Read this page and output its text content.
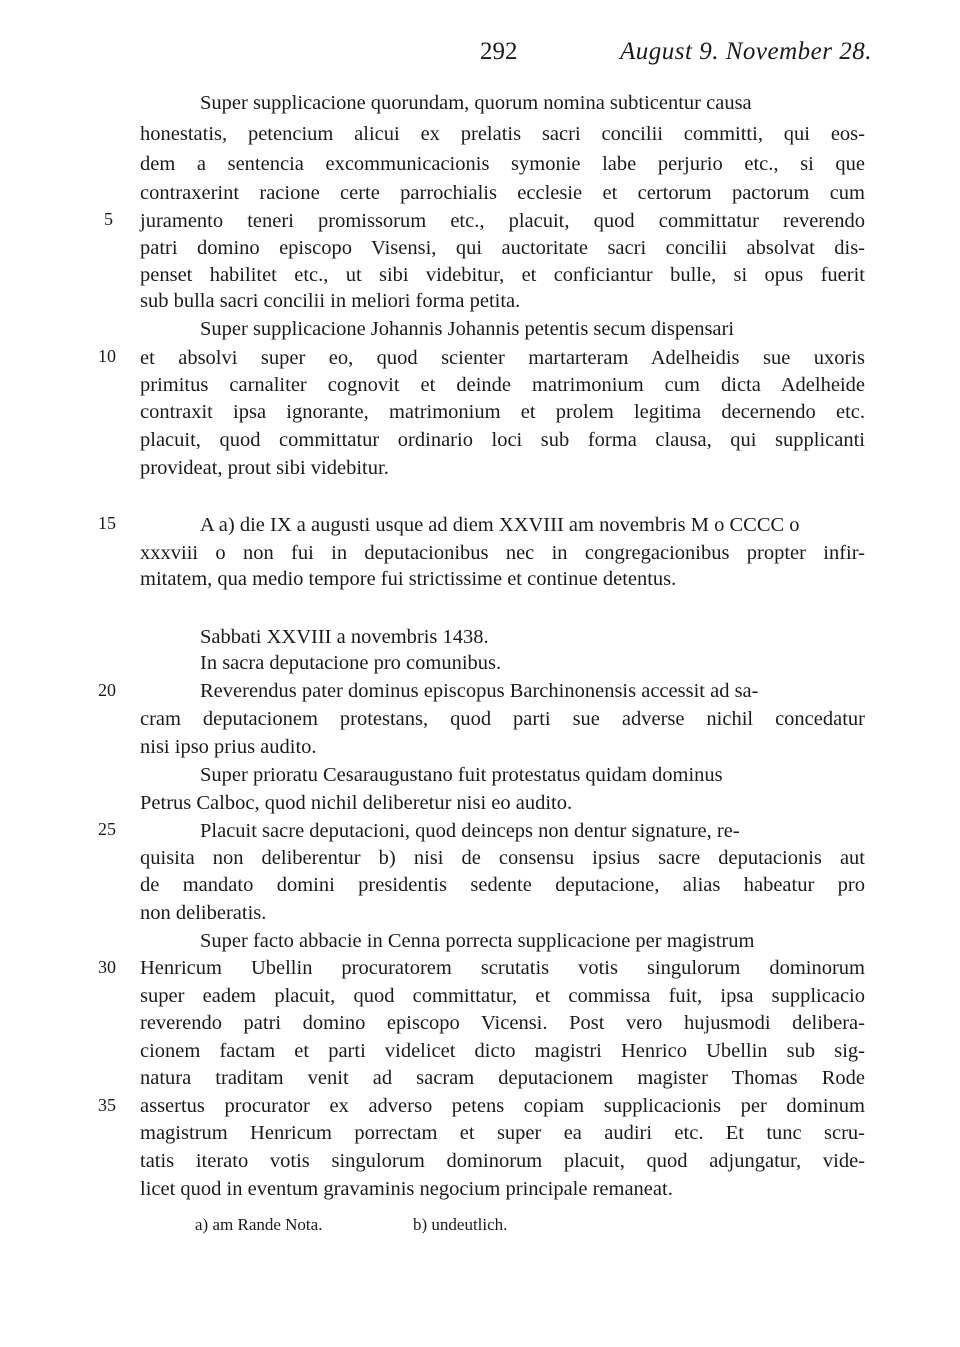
292	August 9. November 28.
Super supplicacione quorundam, quorum nomina subticentur causa
honestatis, petencium alicui ex prelatis sacri concilii committi, qui eos-
dem a sentencia excommunicacionis symonie labe perjurio etc., si que
contraxerint racione certe parrochialis ecclesie et certorum pactorum cum
juramento teneri promissorum etc., placuit, quod committatur reverendo
patri domino episcopo Visensi, qui auctoritate sacri concilii absolvat dis-
penset habilitet etc., ut sibi videbitur, et conficiantur bulle, si opus fuerit
sub bulla sacri concilii in meliori forma petita.
Super supplicacione Johannis Johannis petentis secum dispensari
et absolvi super eo, quod scienter martarteram Adelheidis sue uxoris
primitus carnaliter cognovit et deinde matrimonium cum dicta Adelheide
contraxit ipsa ignorante, matrimonium et prolem legitima decernendo etc.
placuit, quod committatur ordinario loci sub forma clausa, qui supplicanti
provideat, prout sibi videbitur.
A a) die IX a augusti usque ad diem XXVIII am novembris M o CCCC o
xxxviii o non fui in deputacionibus nec in congregacionibus propter infir-
mitatem, qua medio tempore fui strictissime et continue detentus.
Sabbati XXVIII a novembris 1438.
In sacra deputacione pro comunibus.
Reverendus pater dominus episcopus Barchinonensis accessit ad sa-
cram deputacionem protestans, quod parti sue adverse nichil concedatur
nisi ipso prius audito.
Super prioratu Cesaraugustano fuit protestatus quidam dominus
Petrus Calboc, quod nichil deliberetur nisi eo audito.
Placuit sacre deputacioni, quod deinceps non dentur signature, re-
quisita non deliberentur b) nisi de consensu ipsius sacre deputacionis aut
de mandato domini presidentis sedente deputacione, alias habeatur pro
non deliberatis.
Super facto abbacie in Cenna porrecta supplicacione per magistrum
Henricum Ubellin procuratorem scrutatis votis singulorum dominorum
super eadem placuit, quod committatur, et commissa fuit, ipsa supplicacio
reverendo patri domino episcopo Vicensi. Post vero hujusmodi delibera-
cionem factam et parti videlicet dicto magistri Henrico Ubellin sub sig-
natura traditam venit ad sacram deputacionem magister Thomas Rode
assertus procurator ex adverso petens copiam supplicacionis per dominum
magistrum Henricum porrectam et super ea audiri etc. Et tunc scru-
tatis iterato votis singulorum dominorum placuit, quod adjungatur, vide-
licet quod in eventum gravaminis negocium principale remaneat.
5
10
15
20
25
30
35
a) am Rande Nota.	b) undeutlich.
